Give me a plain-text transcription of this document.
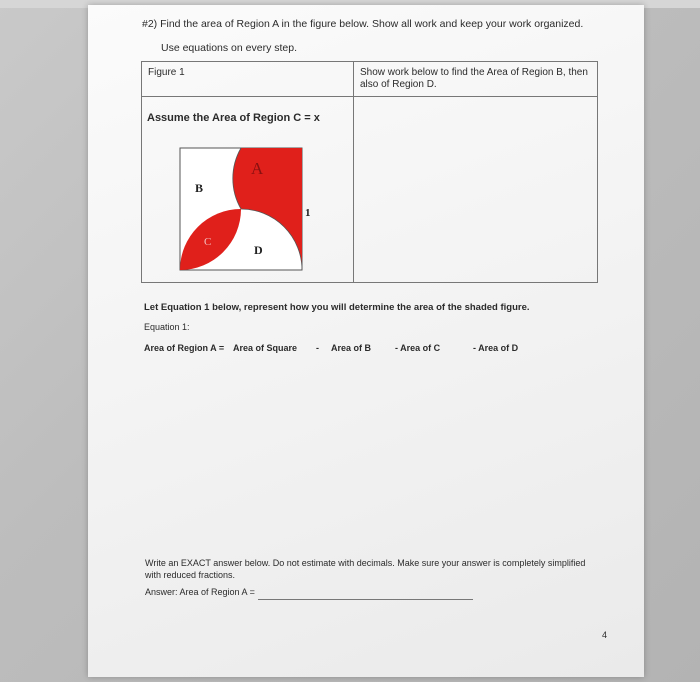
#2) Find the area of Region A in the figure below. Show all work and keep your work organized.
Use equations on every step.
Figure 1	Show work below to find the Area of Region B, then also of Region D.
Assume the Area of Region C = x
A
B
C
D
1
Let Equation 1 below, represent how you will determine the area of the shaded figure.
Equation 1:
Area of Region A = Area of Square - Area of B	- Area of C	- Area of D
Write an EXACT answer below. Do not estimate with decimals. Make sure your answer is completely simplified with reduced fractions.
Answer: Area of Region A =
4
